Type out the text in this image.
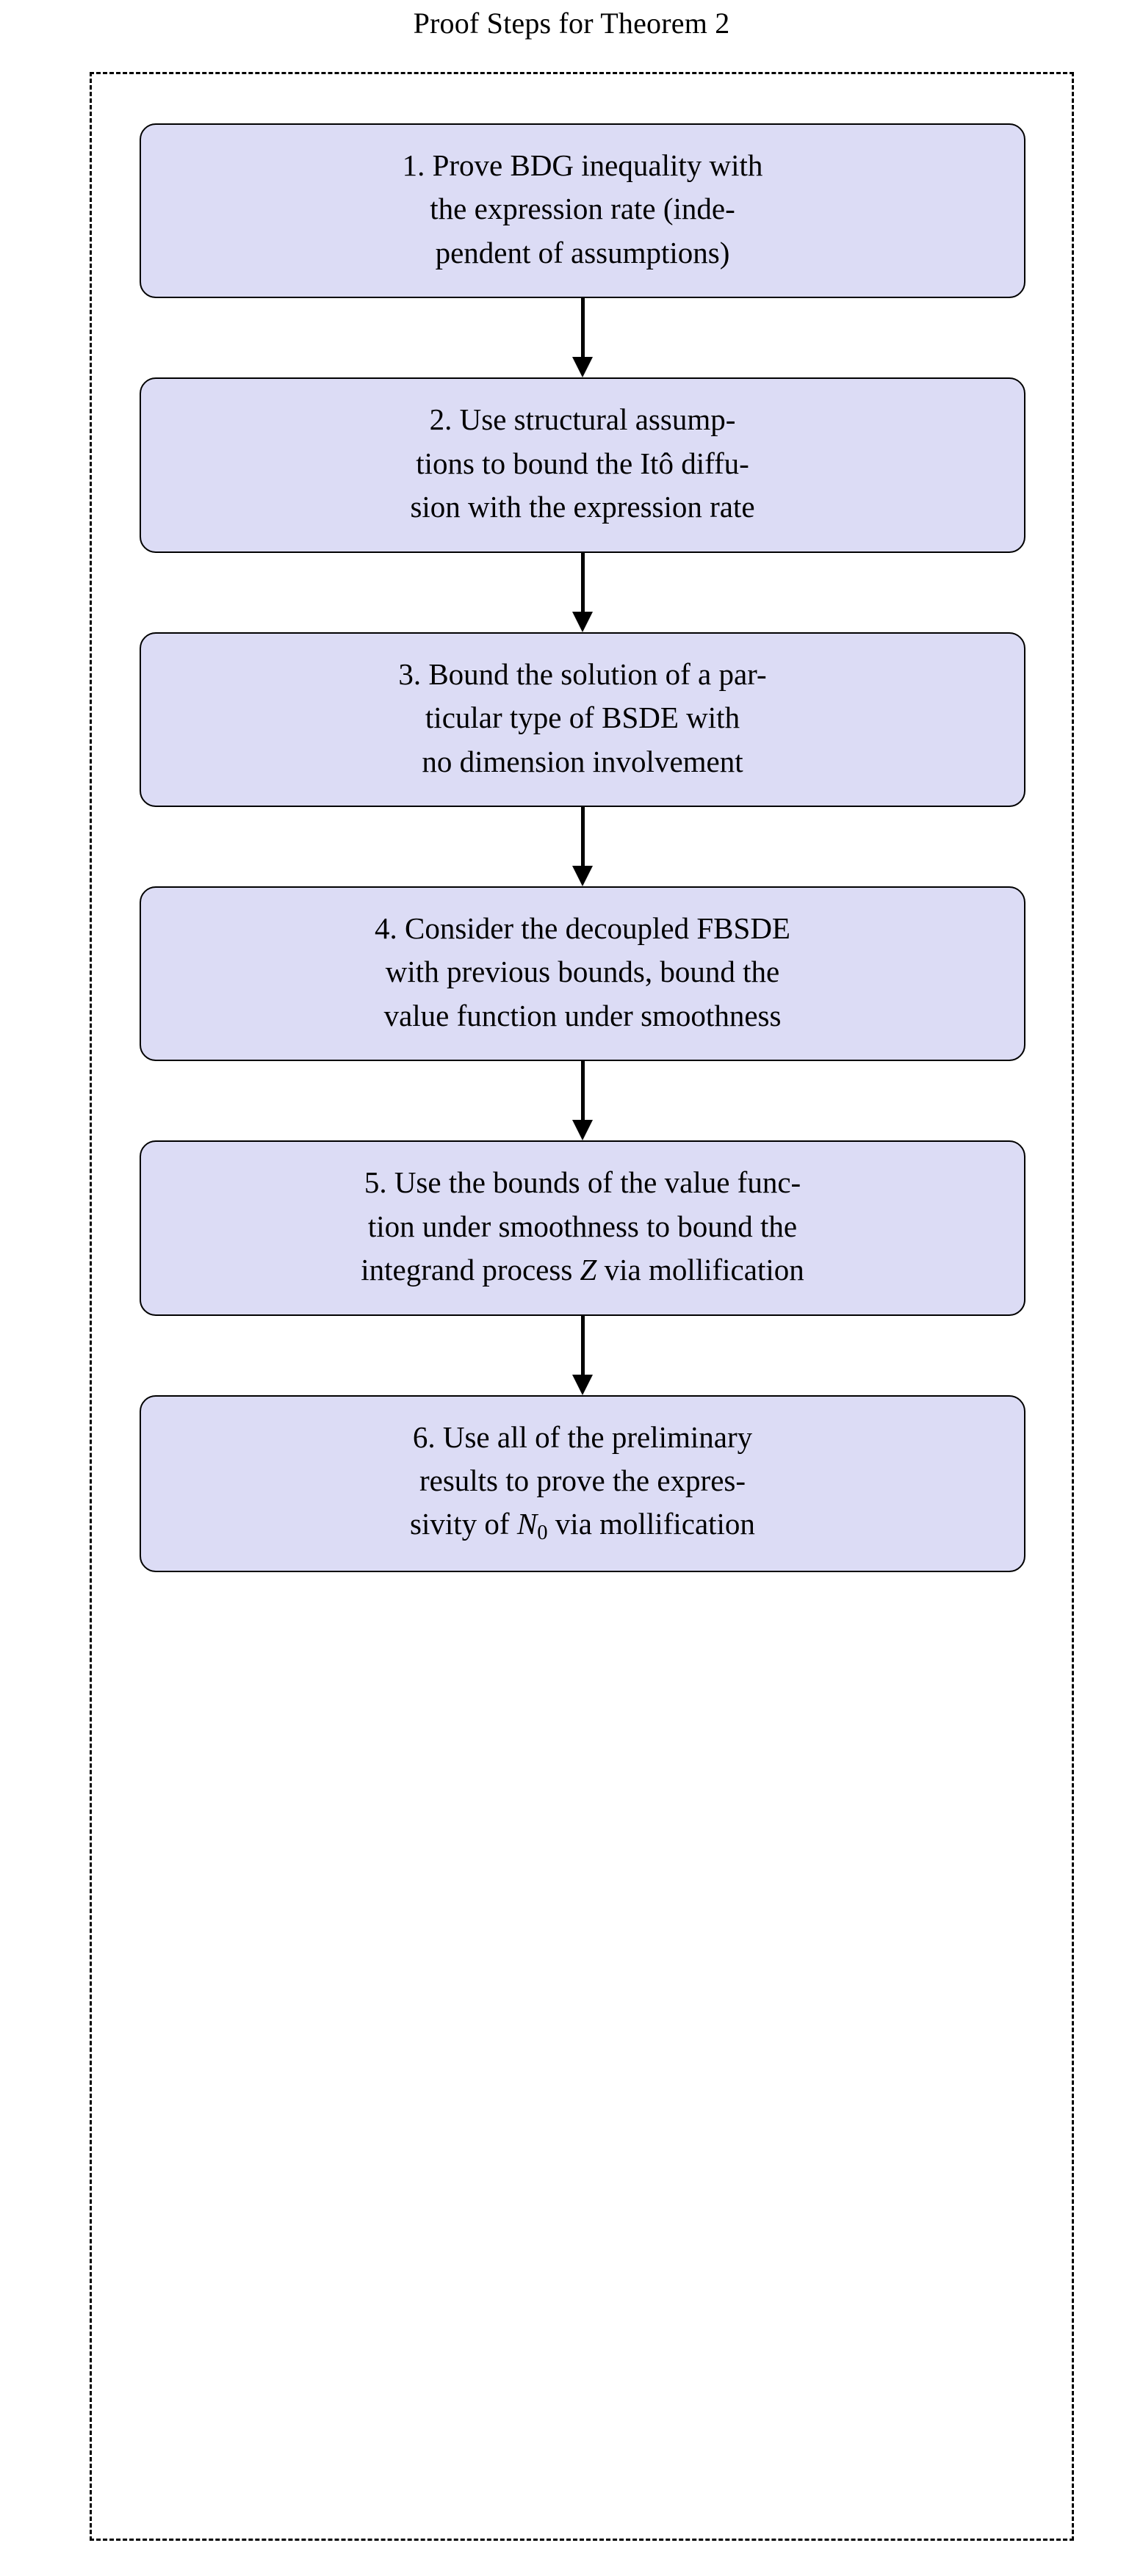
Proof Steps for Theorem 2
1. Prove BDG inequality with
the expression rate (inde-
pendent of assumptions)
2. Use structural assump-
tions to bound the Itô diffu-
sion with the expression rate
3. Bound the solution of a par-
ticular type of BSDE with
no dimension involvement
4. Consider the decoupled FBSDE
with previous bounds, bound the
value function under smoothness
5. Use the bounds of the value func-
tion under smoothness to bound the
integrand process Z via mollification
6. Use all of the preliminary
results to prove the expres-
sivity of $N_0$ via mollification
